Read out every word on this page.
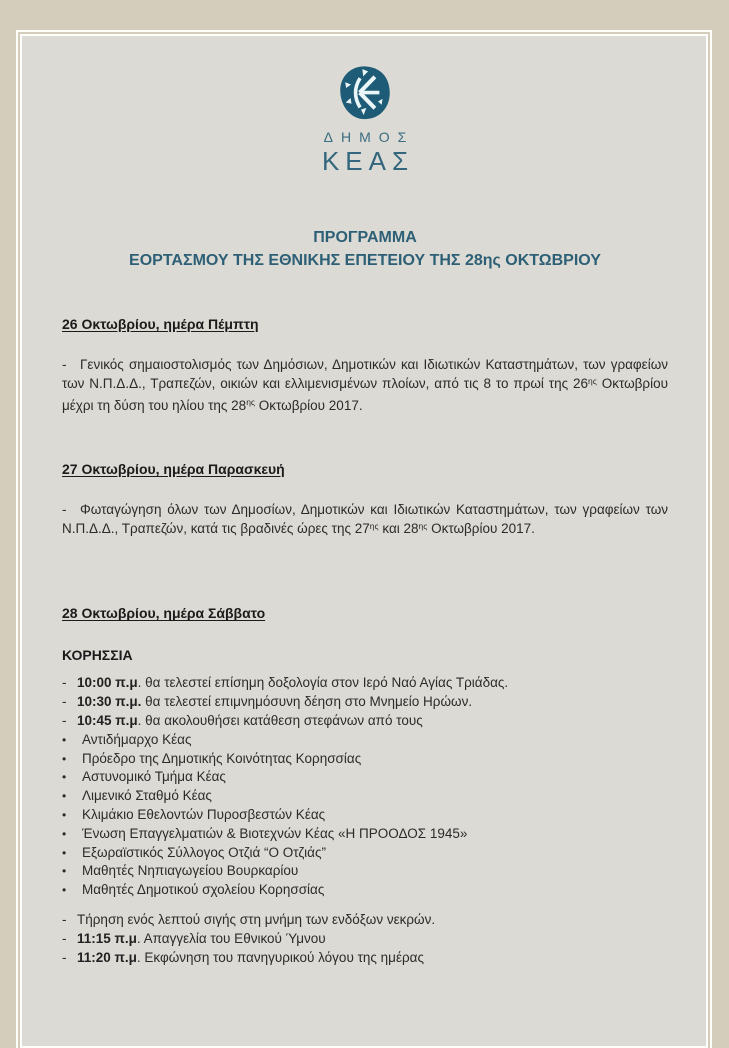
ΔΗΜΟΣ
ΚΕΑΣ
ΠΡΟΓΡΑΜΜΑ
ΕΟΡΤΑΣΜΟΥ ΤΗΣ ΕΘΝΙΚΗΣ ΕΠΕΤΕΙΟΥ ΤΗΣ 28ης ΟΚΤΩΒΡΙΟΥ
26 Οκτωβρίου, ημέρα Πέμπτη
- Γενικός σημαιοστολισμός των Δημόσιων, Δημοτικών και Ιδιωτικών Καταστημάτων, των γραφείων των Ν.Π.Δ.Δ., Τραπεζών, οικιών και ελλιμενισμένων πλοίων, από τις 8 το πρωί της $26^{\eta\varsigma}$ Οκτωβρίου μέχρι τη δύση του ηλίου της $28^{\eta\varsigma}$ Οκτωβρίου 2017.
27 Οκτωβρίου, ημέρα Παρασκευή
- Φωταγώγηση όλων των Δημοσίων, Δημοτικών και Ιδιωτικών Καταστημάτων, των γραφείων των Ν.Π.Δ.Δ., Τραπεζών, κατά τις βραδινές ώρες της $27^{\eta\varsigma}$ και $28^{\eta\varsigma}$ Οκτωβρίου 2017.
28 Οκτωβρίου, ημέρα Σάββατο
ΚΟΡΗΣΣΙΑ
- 10:00 π.μ. θα τελεστεί επίσημη δοξολογία στον Ιερό Ναό Αγίας Τριάδας.
- 10:30 π.μ. θα τελεστεί επιμνημόσυνη δέηση στο Μνημείο Ηρώων.
- 10:45 π.μ. θα ακολουθήσει κατάθεση στεφάνων από τους
•	Αντιδήμαρχο Κέας
•	Πρόεδρο της Δημοτικής Κοινότητας Κορησσίας
•	Αστυνομικό Τμήμα Κέας
•	Λιμενικό Σταθμό Κέας
•	Κλιμάκιο Εθελοντών Πυροσβεστών Κέας
•	Ένωση Επαγγελματιών & Βιοτεχνών Κέας «Η ΠΡΟΟΔΟΣ 1945»
•	Εξωραϊστικός Σύλλογος Οτζιά “Ο Οτζιάς”
•	Μαθητές Νηπιαγωγείου Βουρκαρίου
•	Μαθητές Δημοτικού σχολείου Κορησσίας
- Τήρηση ενός λεπτού σιγής στη μνήμη των ενδόξων νεκρών.
- 11:15 π.μ. Απαγγελία του Εθνικού Ύμνου
- 11:20 π.μ. Εκφώνηση του πανηγυρικού λόγου της ημέρας
